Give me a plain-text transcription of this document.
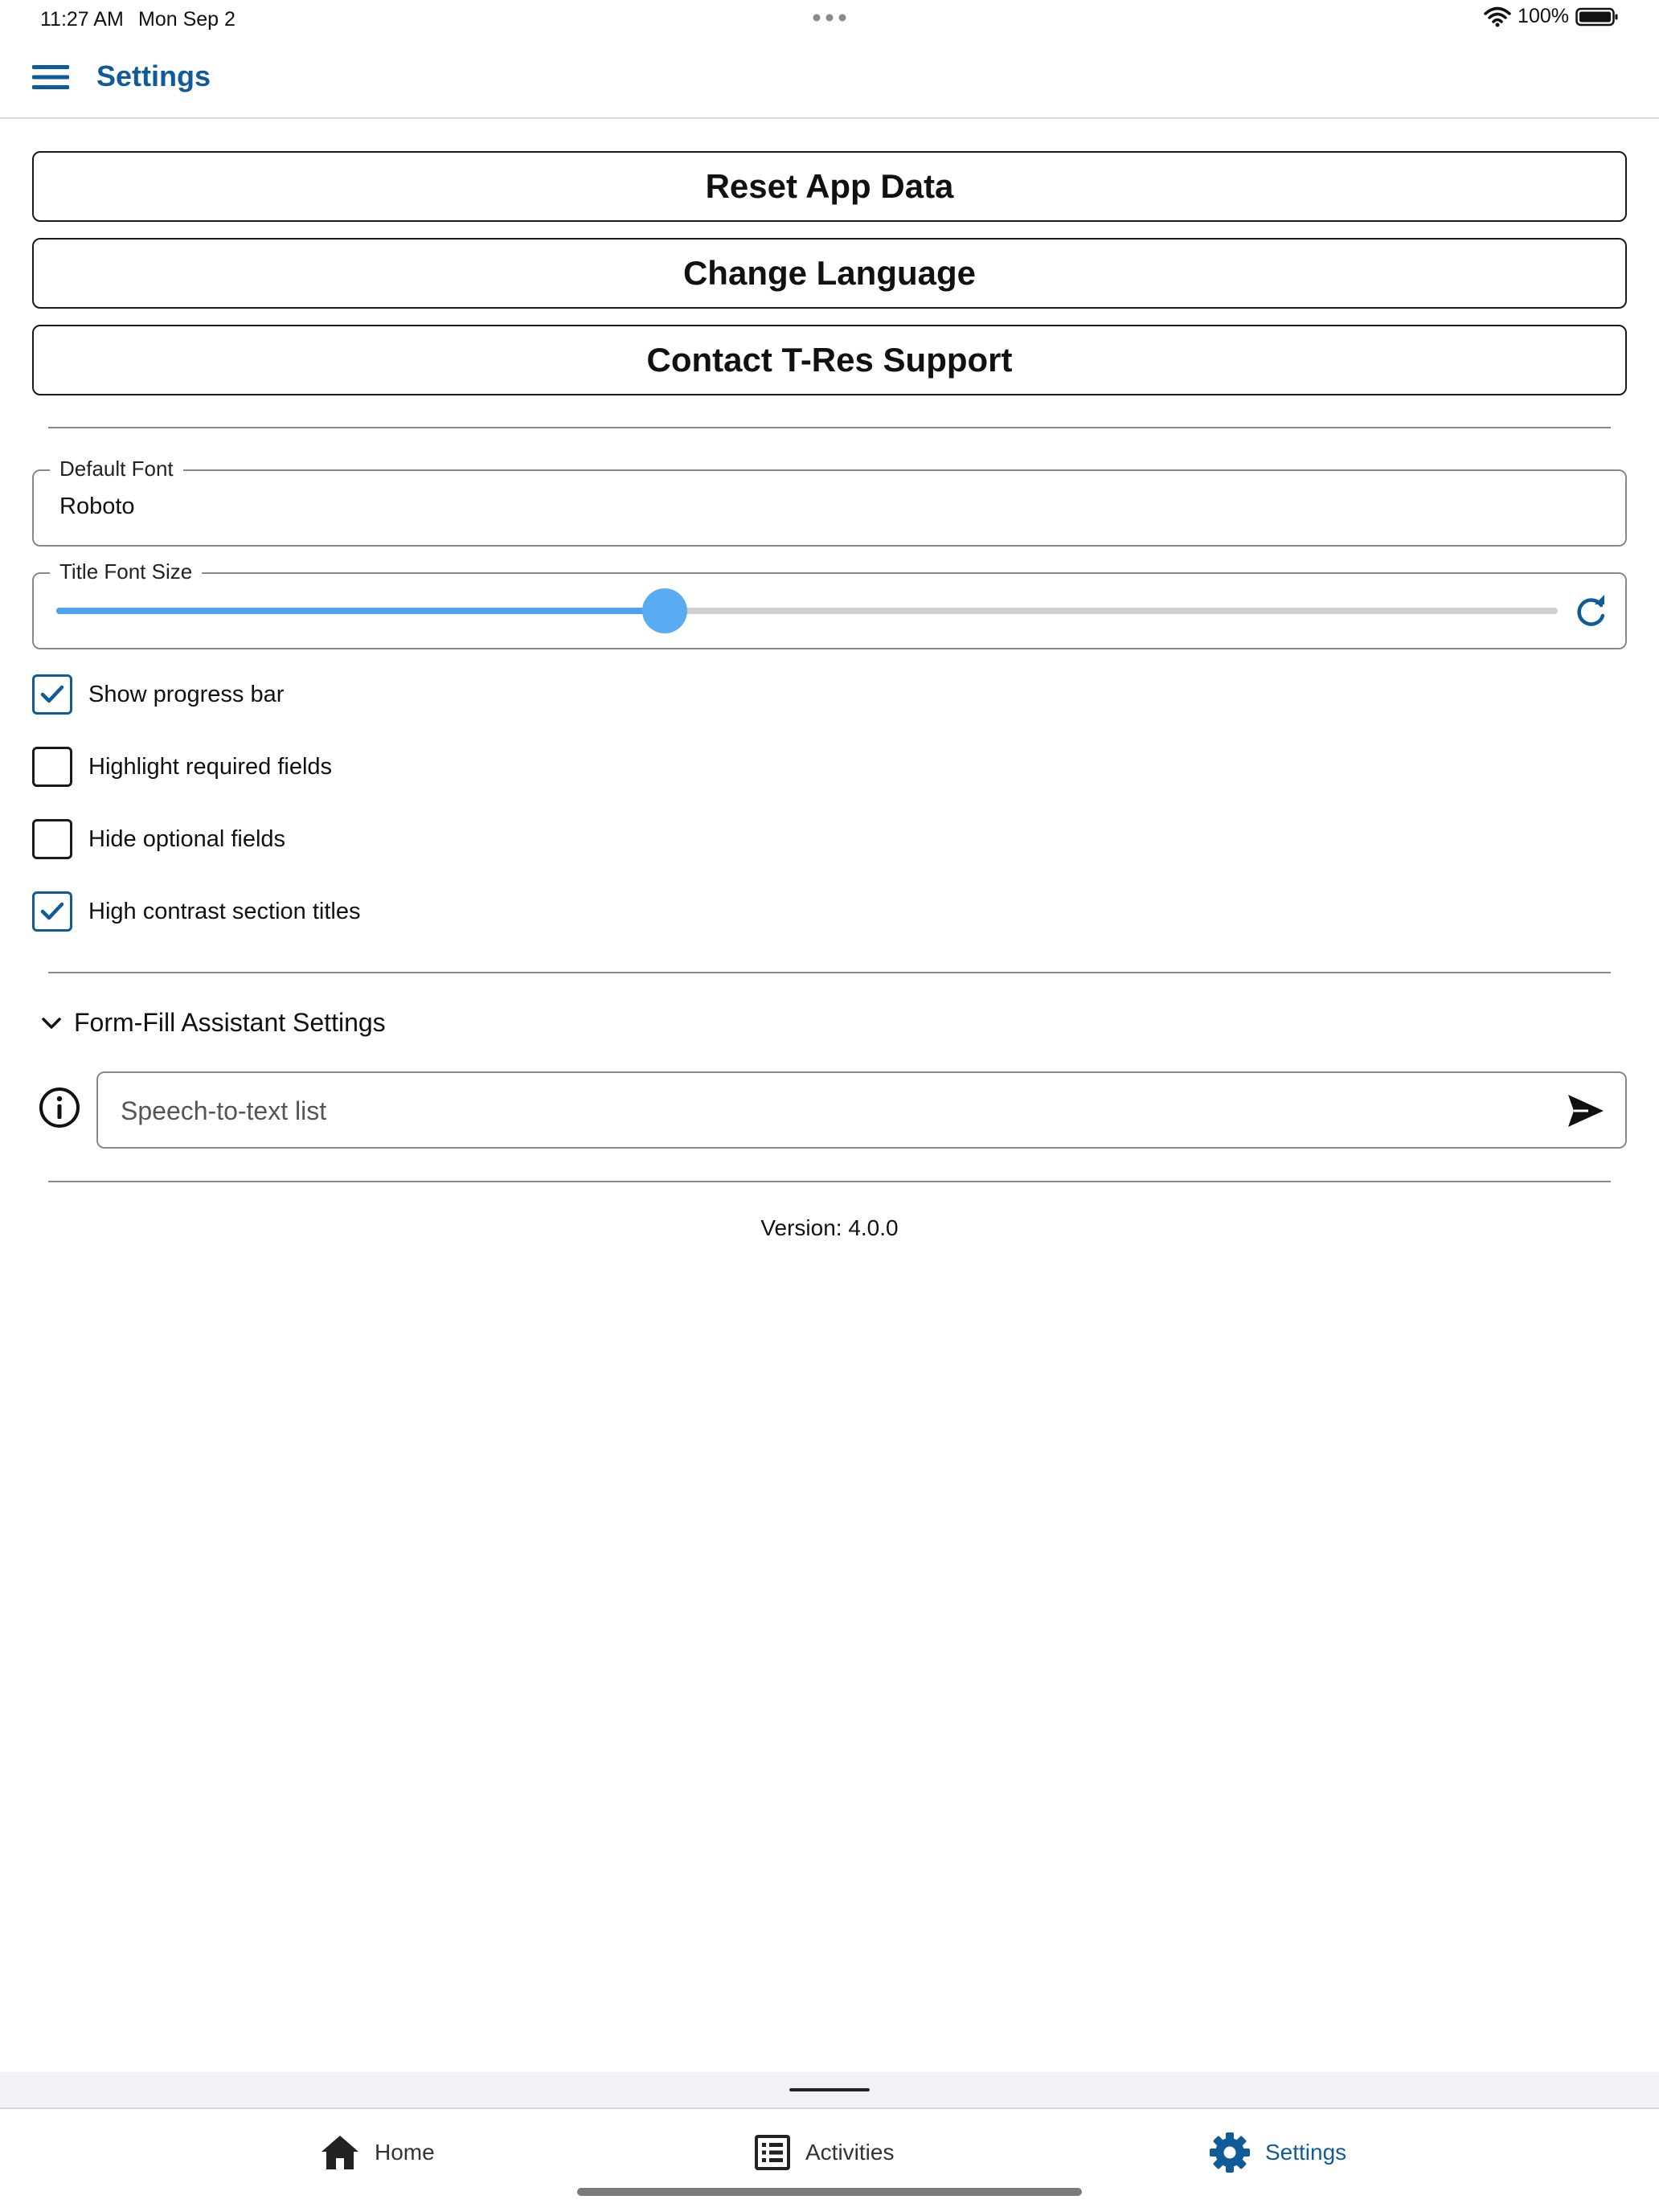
11:27 AM Mon Sep 2	100%
Settings
Reset App Data
Change Language
Contact T-Res Support
Default Font
Roboto
Title Font Size
Show progress bar
Highlight required fields
Hide optional fields
High contrast section titles
Form-Fill Assistant Settings
Speech-to-text list
Version: 4.0.0
Home	Activities	Settings
